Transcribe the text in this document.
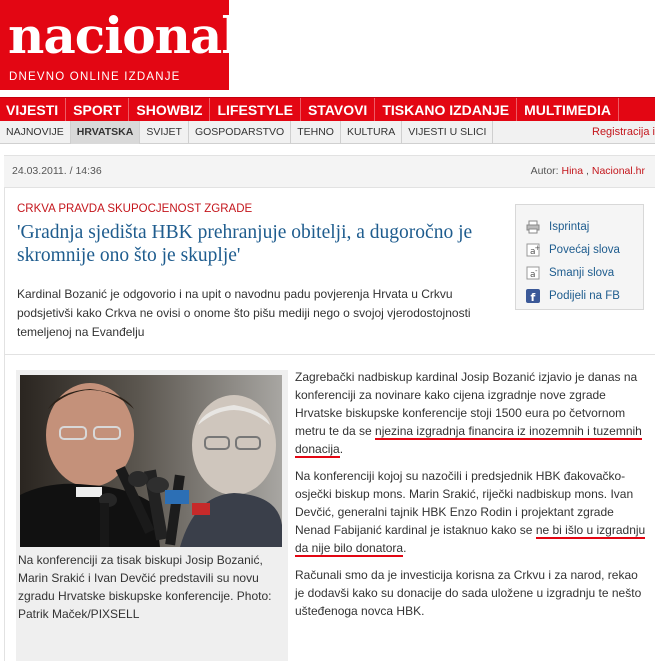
nacional
DNEVNO ONLINE IZDANJE
VIJESTI	SPORT	SHOWBIZ	LIFESTYLE	STAVOVI	TISKANO IZDANJE	MULTIMEDIA
NAJNOVIJE	HRVATSKA	SVIJET	GOSPODARSTVO	TEHNO	KULTURA	VIJESTI U SLICI	Registracija i
24.03.2011. / 14:36	Autor: Hina , Nacional.hr
CRKVA PRAVDA SKUPOCJENOST ZGRADE
'Gradnja sjedišta HBK prehranjuje obitelji, a dugoročno je skromnije ono što je skuplje'
Kardinal Bozanić je odgovorio i na upit o navodnu padu povjerenja Hrvata u Crkvu podsjetivši kako Crkva ne ovisi o onome što pišu mediji nego o svojoj vjerodostojnosti temeljenoj na Evanđelju
Isprintaj
a
+ Povećaj slova
a - Smanji slova
f Podijeli na FB
Na konferenciji za tisak biskupi Josip Bozanić, Marin Srakić i Ivan Devčić predstavili su novu zgradu Hrvatske biskupske konferencije. Photo: Patrik Maček/PIXSELL

Zagrebački nadbiskup kardinal Josip Bozanić izjavio je danas na konferenciji za novinare kako cijena izgradnje nove zgrade Hrvatske biskupske konferencije stoji 1500 eura po četvornom metru te da se njezina izgradnja financira iz inozemnih i tuzemnih donacija.

Na konferenciji kojoj su nazočili i predsjednik HBK đakovačko-osječki biskup mons. Marin Srakić, riječki nadbiskup mons. Ivan Devčić, generalni tajnik HBK Enzo Rodin i projektant zgrade Nenad Fabijanić kardinal je istaknuo kako se ne bi išlo u izgradnju da nije bilo donatora.

Računali smo da je investicija korisna za Crkvu i za narod, rekao je dodavši kako su donacije do sada uložene u izgradnju te nešto ušteđenoga novca HBK.
